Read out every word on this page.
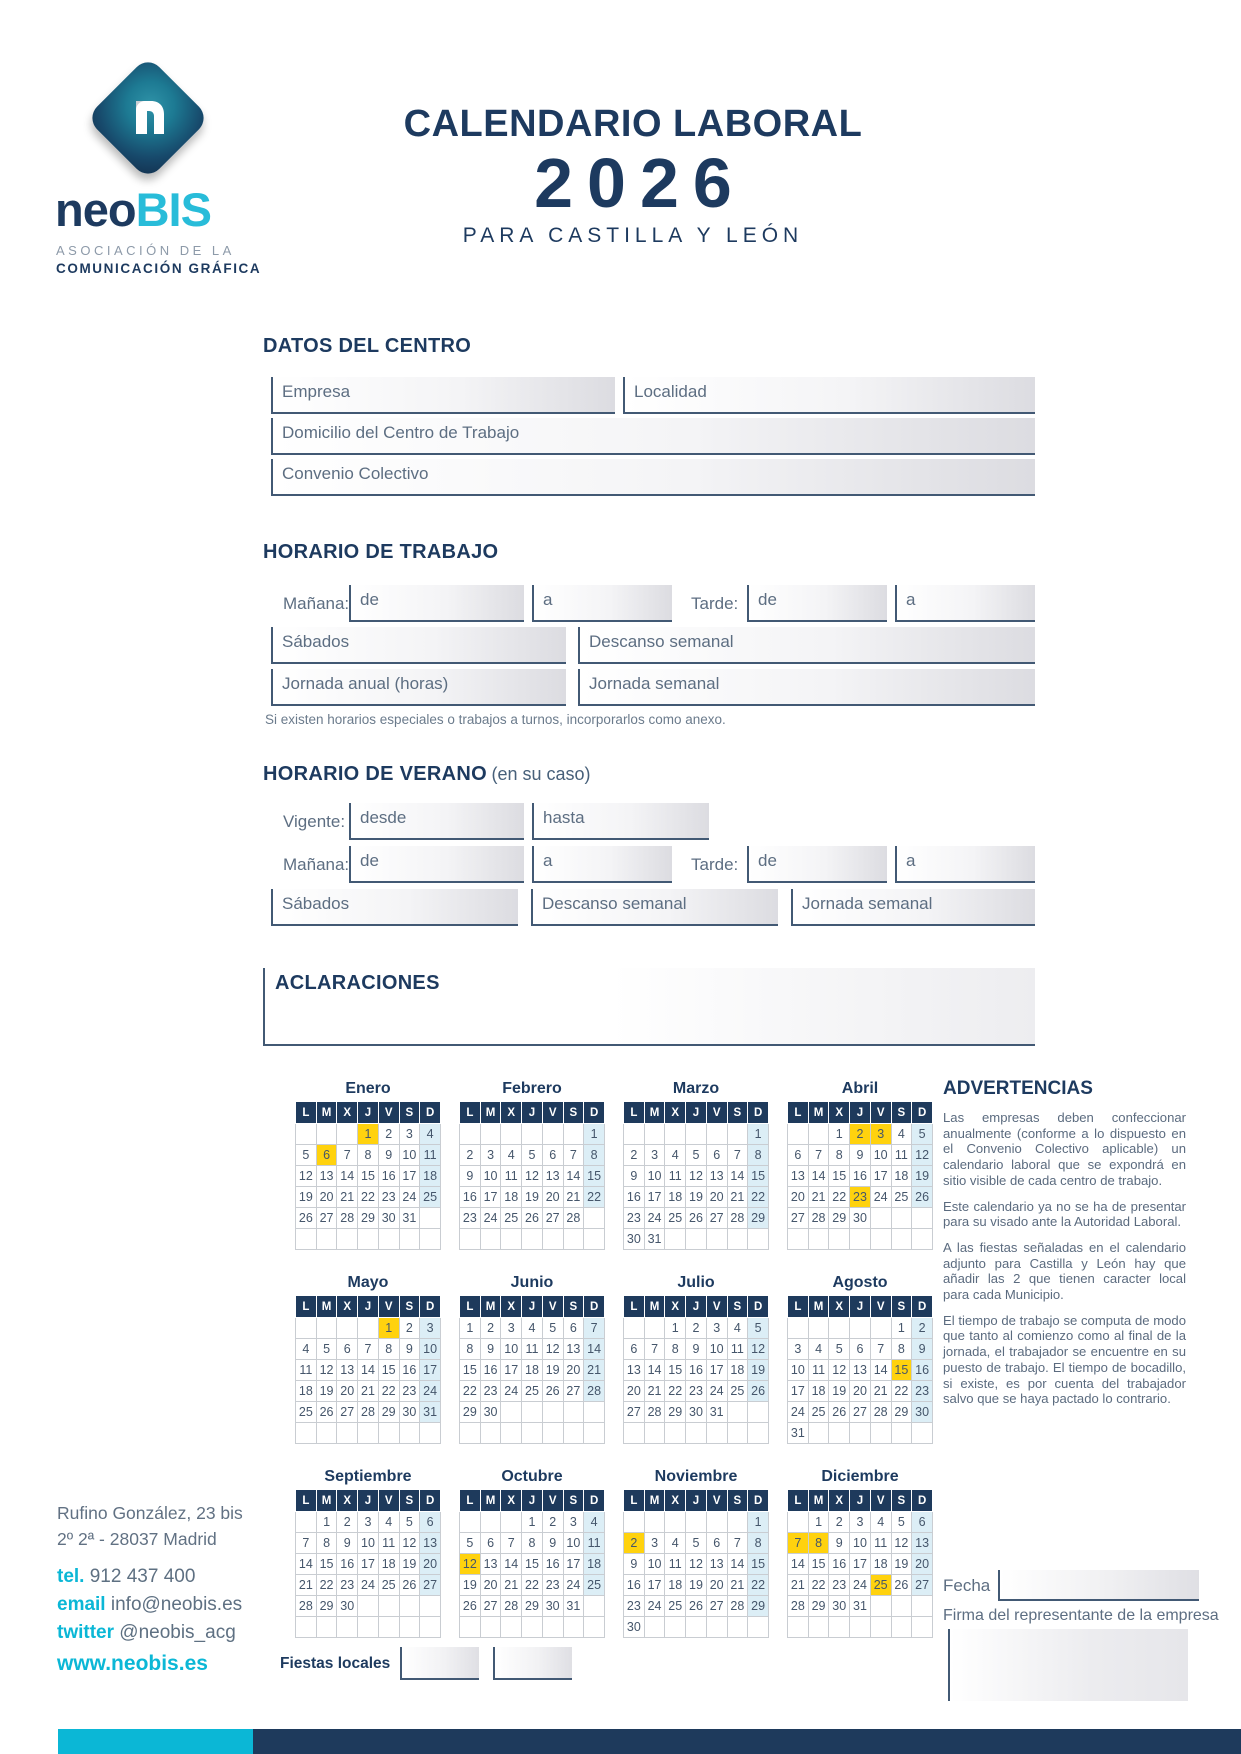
neoBIS
ASOCIACIÓN DE LA
COMUNICACIÓN GRÁFICA
CALENDARIO LABORAL
2026
PARA CASTILLA Y LEÓN
DATOS DEL CENTRO
Empresa	Localidad
Domicilio del Centro de Trabajo
Convenio Colectivo
HORARIO DE TRABAJO
Mañana: de	a	Tarde:	de	a
Sábados	Descanso semanal
Jornada anual (horas)	Jornada semanal
Si existen horarios especiales o trabajos a turnos, incorporarlos como anexo.
HORARIO DE VERANO (en su caso)
Vigente: desde	hasta
Mañana: de	a	Tarde:	de	a
Sábados	Descanso semanal	Jornada semanal
ACLARACIONES
Enero
L	M	X	J	V	S	D
			1	2	3	4
5	6	7	8	9	10	11
12	13	14	15	16	17	18
19	20	21	22	23	24	25
26	27	28	29	30	31	

Febrero
L	M	X	J	V	S	D
						1
2	3	4	5	6	7	8
9	10	11	12	13	14	15
16	17	18	19	20	21	22
23	24	25	26	27	28	

Marzo
L	M	X	J	V	S	D
						1
2	3	4	5	6	7	8
9	10	11	12	13	14	15
16	17	18	19	20	21	22
23	24	25	26	27	28	29
30	31					
Abril
L	M	X	J	V	S	D
		1	2	3	4	5
6	7	8	9	10	11	12
13	14	15	16	17	18	19
20	21	22	23	24	25	26
27	28	29	30			

Mayo
L	M	X	J	V	S	D
				1	2	3
4	5	6	7	8	9	10
11	12	13	14	15	16	17
18	19	20	21	22	23	24
25	26	27	28	29	30	31

Junio
L	M	X	J	V	S	D
1	2	3	4	5	6	7
8	9	10	11	12	13	14
15	16	17	18	19	20	21
22	23	24	25	26	27	28
29	30					

Julio
L	M	X	J	V	S	D
		1	2	3	4	5
6	7	8	9	10	11	12
13	14	15	16	17	18	19
20	21	22	23	24	25	26
27	28	29	30	31		

Agosto
L	M	X	J	V	S	D
					1	2
3	4	5	6	7	8	9
10	11	12	13	14	15	16
17	18	19	20	21	22	23
24	25	26	27	28	29	30
31						
Septiembre
L	M	X	J	V	S	D
	1	2	3	4	5	6
7	8	9	10	11	12	13
14	15	16	17	18	19	20
21	22	23	24	25	26	27
28	29	30				

Octubre
L	M	X	J	V	S	D
			1	2	3	4
5	6	7	8	9	10	11
12	13	14	15	16	17	18
19	20	21	22	23	24	25
26	27	28	29	30	31	

Noviembre
L	M	X	J	V	S	D
						1
2	3	4	5	6	7	8
9	10	11	12	13	14	15
16	17	18	19	20	21	22
23	24	25	26	27	28	29
30						
Diciembre
L	M	X	J	V	S	D
	1	2	3	4	5	6
7	8	9	10	11	12	13
14	15	16	17	18	19	20
21	22	23	24	25	26	27
28	29	30	31			

ADVERTENCIAS

Las empresas deben confeccionar anualmente (conforme a lo dispuesto en el Convenio Colectivo aplicable) un calendario laboral que se expondrá en sitio visible de cada centro de trabajo.

Este calendario ya no se ha de presentar para su visado ante la Autoridad Laboral.

A las fiestas señaladas en el calendario adjunto para Castilla y León hay que añadir las 2 que tienen caracter local para cada Municipio.

El tiempo de trabajo se computa de modo que tanto al comienzo como al final de la jornada, el trabajador se encuentre en su puesto de trabajo. El tiempo de bocadillo, si existe, es por cuenta del trabajador salvo que se haya pactado lo contrario.

Fecha
Firma del representante de la empresa
Rufino González, 23 bis
2º 2ª - 28037 Madrid
tel. 912 437 400
email info@neobis.es
twitter @neobis_acg
www.neobis.es	Fiestas locales
